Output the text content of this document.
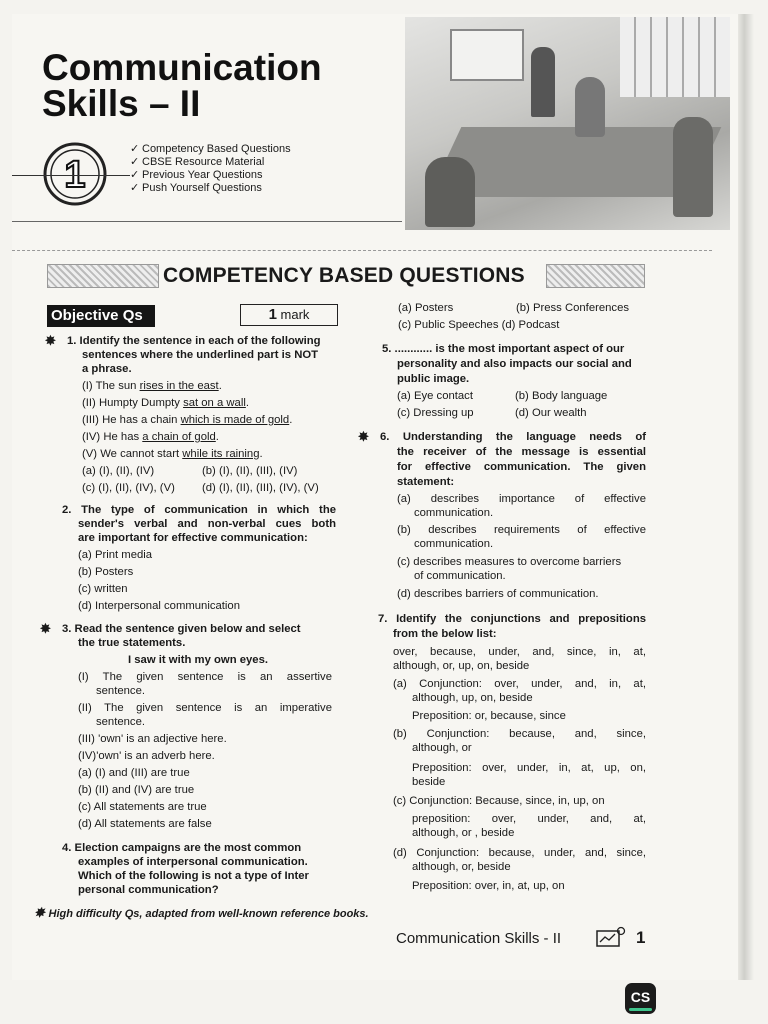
Communication
Skills – II
1
✓ Competency Based Questions
✓ CBSE Resource Material
✓ Previous Year Questions
✓ Push Yourself Questions
COMPETENCY BASED QUESTIONS
Objective Qs	1 mark
✸ 1. Identify the sentence in each of the following
sentences where the underlined part is NOT
a phrase.
(I) The sun rises in the east.
(II) Humpty Dumpty sat on a wall.
(III) He has a chain which is made of gold.
(IV) He has a chain of gold.
(V) We cannot start while its raining.
(a) (I), (II), (IV)	(b) (I), (II), (III), (IV)
(c) (I), (II), (IV), (V) (d) (I), (II), (III), (IV), (V)
2. The type of communication in which the
sender's verbal and non-verbal cues both
are important for effective communication:
(a) Print media
(b) Posters
(c) written
(d) Interpersonal communication
✸ 3. Read the sentence given below and select
the true statements.
I saw it with my own eyes.
(I) The given sentence is an assertive
sentence.
(II) The given sentence is an imperative
sentence.
(III) 'own' is an adjective here.
(IV)'own' is an adverb here.
(a) (I) and (III) are true
(b) (II) and (IV) are true
(c) All statements are true
(d) All statements are false
4. Election campaigns are the most common
examples of interpersonal communication.
Which of the following is not a type of Inter
personal communication?
(a) Posters	(b) Press Conferences
(c) Public Speeches (d) Podcast
5. ............ is the most important aspect of our
personality and also impacts our social and
public image.
(a) Eye contact	(b) Body language
(c) Dressing up	(d) Our wealth
✸ 6. Understanding the language needs of
the receiver of the message is essential
for effective communication. The given
statement:
(a) describes importance of effective
communication.
(b) describes requirements of effective
communication.
(c) describes measures to overcome barriers
of communication.
(d) describes barriers of communication.
7. Identify the conjunctions and prepositions
from the below list:
over, because, under, and, since, in, at,
although, or, up, on, beside
(a) Conjunction: over, under, and, in, at,
although, up, on, beside
Preposition: or, because, since
(b) Conjunction: because, and, since,
although, or
Preposition: over, under, in, at, up, on,
beside
(c) Conjunction: Because, since, in, up, on
preposition: over, under, and, at,
although, or , beside
(d) Conjunction: because, under, and, since,
although, or, beside
Preposition: over, in, at, up, on
✸ High difficulty Qs, adapted from well-known reference books.
Communication Skills - II	1
CS
